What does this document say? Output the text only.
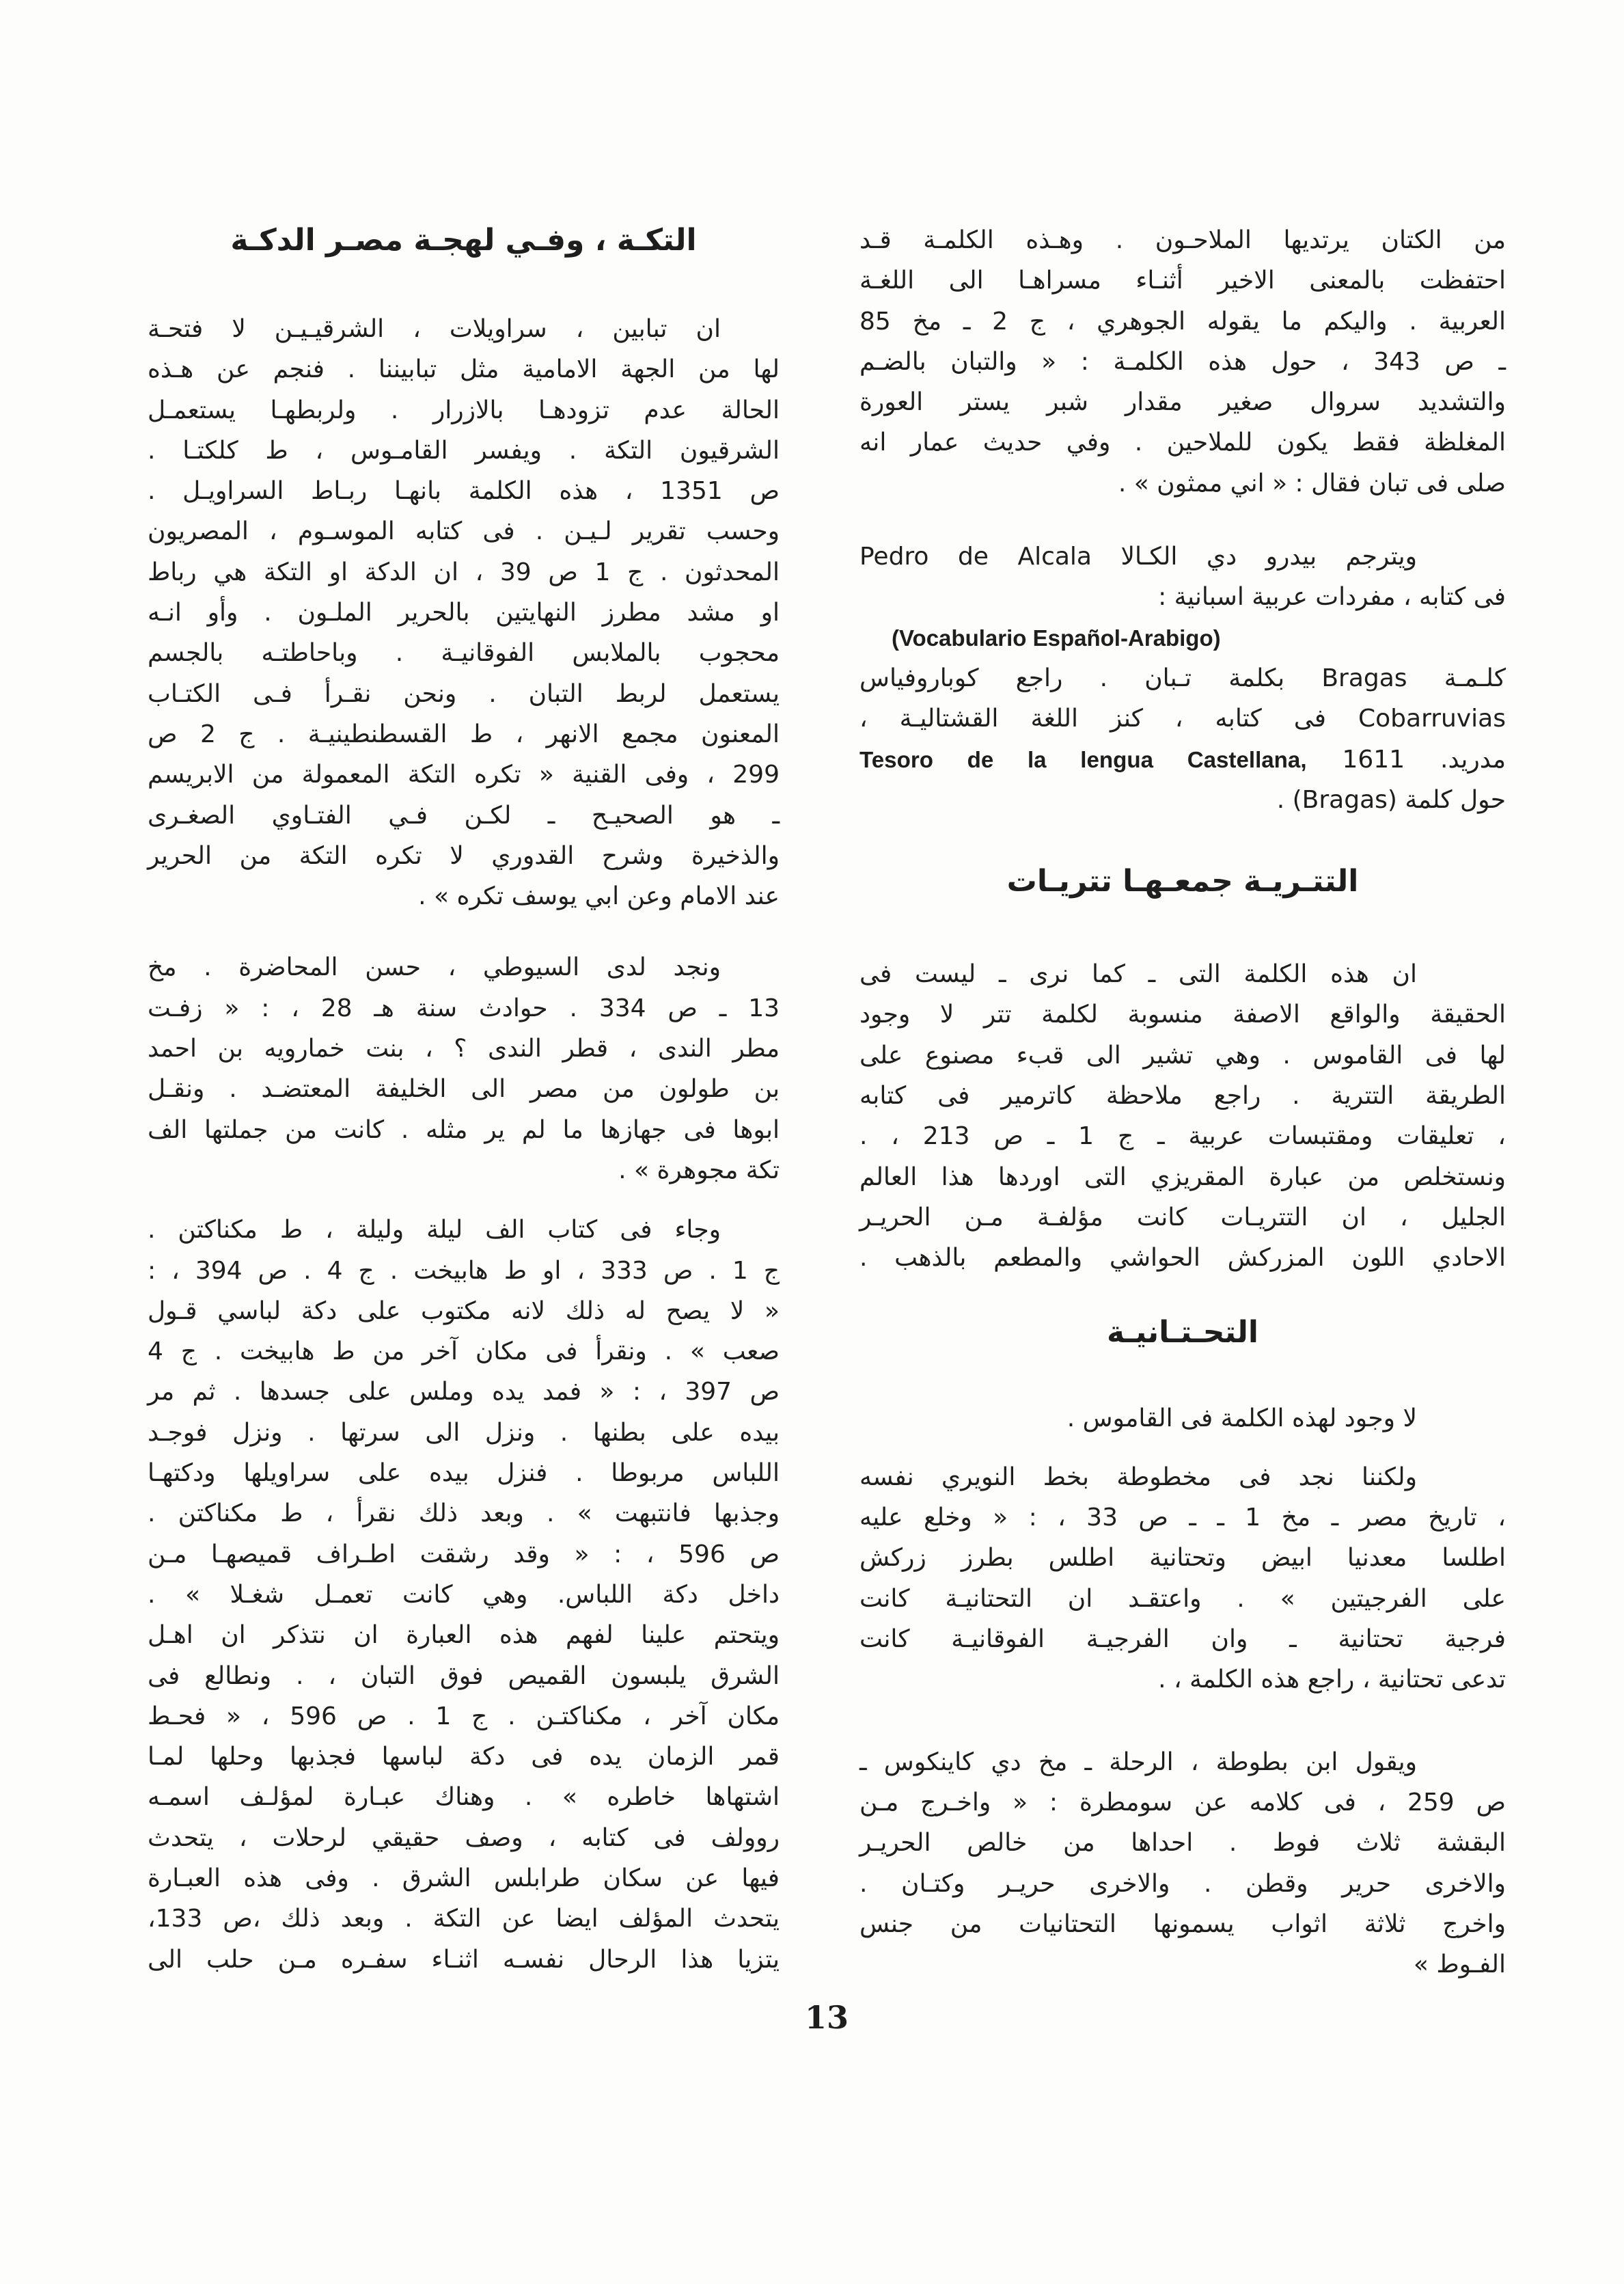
من الكتان يرتديها الملاحـون . وهـذه الكلمـة قـد
احتفظت بالمعنى الاخير أثنـاء مسراهـا الى اللغـة
العربية . واليكم ما يقوله الجوهري ، ج 2 ـ مخ 85
ـ ص 343 ، حول هذه الكلمـة : « والتبان بالضـم
والتشديد سروال صغير مقدار شبر يستر العورة
المغلظة فقط يكون للملاحين . وفي حديث عمار انه
صلى فى تبان فقال : « اني ممثون » .
ويترجم بيدرو دي الكـالا Pedro de Alcala
فى كتابه ، مفردات عربية اسبانية :
(Vocabulario Español-Arabigo)
كلـمـة Bragas بكلمة تـبان . راجع كوباروفياس
Cobarruvias فى كتابه ، كنز اللغة القشتاليـة ،
مدريد. 1611 Tesoro de la lengua Castellana,
حول كلمة (Bragas) .
التتـريـة جمعـهـا تتريـات
ان هذه الكلمة التى ـ كما نرى ـ ليست فى
الحقيقة والواقع الاصفة منسوبة لكلمة تتر لا وجود
لها فى القاموس . وهي تشير الى قبء مصنوع على
الطريقة التترية . راجع ملاحظة كاترمير فى كتابه
، تعليقات ومقتبسات عربية ـ ج 1 ـ ص 213 ، .
ونستخلص من عبارة المقريزي التى اوردها هذا العالم
الجليل ، ان التتريـات كانت مؤلفـة مـن الحريـر
الاحادي اللون المزركش الحواشي والمطعم بالذهب .
التحـتـانيـة
لا وجود لهذه الكلمة فى القاموس .
ولكننا نجد فى مخطوطة بخط النويري نفسه
، تاريخ مصر ـ مخ 1 ـ ـ ص 33 ، : « وخلع عليه
اطلسا معدنيا ابيض وتحتانية اطلس بطرز زركش
على الفرجيتين » . واعتقـد ان التحتانيـة كانت
فرجية تحتانية ـ وان الفرجيـة الفوقانيـة كانت
تدعى تحتانية ، راجع هذه الكلمة ، .
ويقول ابن بطوطة ، الرحلة ـ مخ دي كاينكوس ـ
ص 259 ، فى كلامه عن سومطرة : « واخـرج مـن
البقشة ثلاث فوط . احداها من خالص الحريـر
والاخرى حرير وقطن . والاخرى حريـر وكتـان .
واخرج ثلاثة اثواب يسمونها التحتانيات من جنس
الفـوط »
التكـة ، وفـي لهجـة مصـر الدكـة
ان تبابين ، سراويلات ، الشرقيـيـن لا فتحـة
لها من الجهة الامامية مثل تبابيننا . فنجم عن هـذه
الحالة عدم تزودهـا بالازرار . ولربطهـا يستعمـل
الشرقيون التكة . ويفسر القامـوس ، ط كلكتـا .
ص 1351 ، هذه الكلمة بانهـا ربـاط السراويـل .
وحسب تقرير لـيـن . فى كتابه الموسـوم ، المصريون
المحدثون . ج 1 ص 39 ، ان الدكة او التكة هي رباط
او مشد مطرز النهايتين بالحرير الملـون . وأو انـه
محجوب بالملابس الفوقانيـة . وباحاطتـه بالجسم
يستعمل لربط التبان . ونحن نقـرأ فـى الكتـاب
المعنون مجمع الانهر ، ط القسطنطينيـة . ج 2 ص
299 ، وفى القنية « تكره التكة المعمولة من الابريسم
ـ هو الصحيـح ـ لكـن فـي الفتـاوي الصغـرى
والذخيرة وشرح القدوري لا تكره التكة من الحرير
عند الامام وعن ابي يوسف تكره » .
ونجد لدى السيوطي ، حسن المحاضرة . مخ
13 ـ ص 334 . حوادث سنة هـ 28 ، : « زفـت
مطر الندى ، قطر الندى ؟ ، بنت خمارويه بن احمد
بن طولون من مصر الى الخليفة المعتضـد . ونقـل
ابوها فى جهازها ما لم ير مثله . كانت من جملتها الف
تكة مجوهرة » .
وجاء فى كتاب الف ليلة وليلة ، ط مكناكتن .
ج 1 . ص 333 ، او ط هابيخت . ج 4 . ص 394 ، :
« لا يصح له ذلك لانه مكتوب على دكة لباسي قـول
صعب » . ونقرأ فى مكان آخر من ط هابيخت . ج 4
ص 397 ، : « فمد يده وملس على جسدها . ثم مر
بيده على بطنها . ونزل الى سرتها . ونزل فوجـد
اللباس مربوطا . فنزل بيده على سراويلها ودكتهـا
وجذبها فانتبهت » . وبعد ذلك نقرأ ، ط مكناكتن .
ص 596 ، : « وقد رشقت اطـراف قميصهـا مـن
داخل دكة اللباس. وهي كانت تعمـل شغـلا » .
ويتحتم علينا لفهم هذه العبارة ان نتذكر ان اهـل
الشرق يلبسون القميص فوق التبان ، . ونطالع فى
مكان آخر ، مكناكتـن . ج 1 . ص 596 ، « فحـط
قمر الزمان يده فى دكة لباسها فجذبها وحلها لمـا
اشتهاها خاطره » . وهناك عبـارة لمؤلـف اسمـه
روولف فى كتابه ، وصف حقيقي لرحلات ، يتحدث
فيها عن سكان طرابلس الشرق . وفى هذه العبـارة
يتحدث المؤلف ايضا عن التكة . وبعد ذلك ،ص 133،
يتزيا هذا الرحال نفسـه اثنـاء سفـره مـن حلب الى
13
